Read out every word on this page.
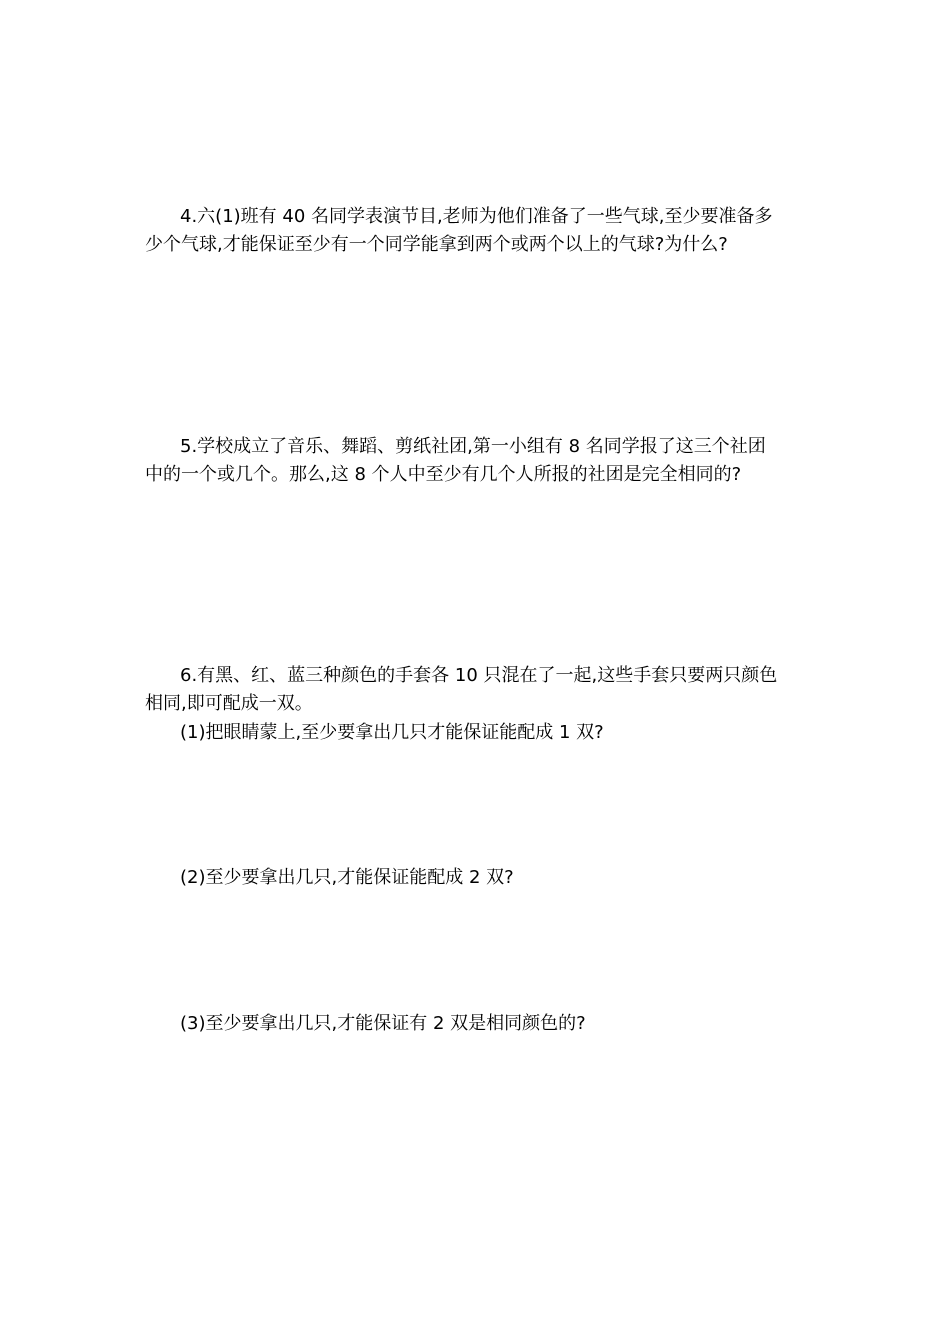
4.六(1)班有 40 名同学表演节目,老师为他们准备了一些气球,至少要准备多
少个气球,才能保证至少有一个同学能拿到两个或两个以上的气球?为什么?
5.学校成立了音乐、舞蹈、剪纸社团,第一小组有 8 名同学报了这三个社团
中的一个或几个。那么,这 8 个人中至少有几个人所报的社团是完全相同的?
6.有黑、红、蓝三种颜色的手套各 10 只混在了一起,这些手套只要两只颜色
相同,即可配成一双。
(1)把眼睛蒙上,至少要拿出几只才能保证能配成 1 双?
(2)至少要拿出几只,才能保证能配成 2 双?
(3)至少要拿出几只,才能保证有 2 双是相同颜色的?
